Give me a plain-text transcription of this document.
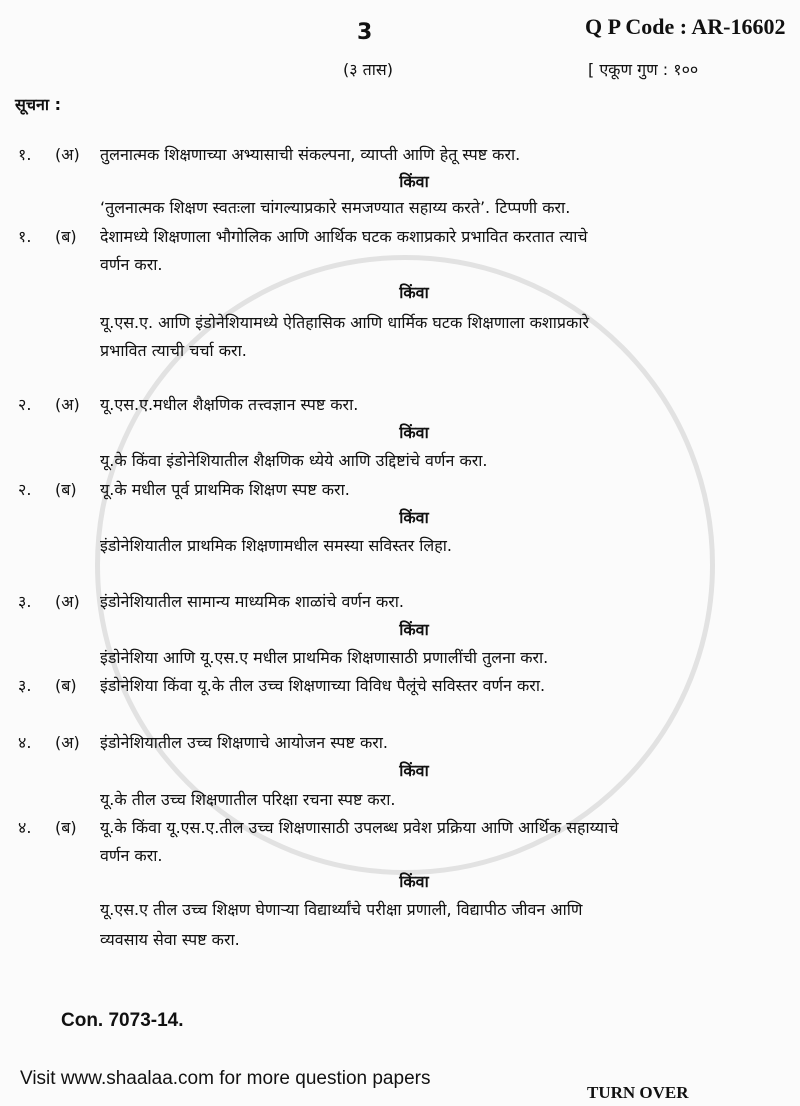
3	Q P Code : AR-16602
(३ तास)	[ एकूण गुण : १००
सूचना :
१. (अ) तुलनात्मक शिक्षणाच्या अभ्यासाची संकल्पना, व्याप्ती आणि हेतू स्पष्ट करा.
किंवा
‘तुलनात्मक शिक्षण स्वतःला चांगल्याप्रकारे समजण्यात सहाय्य करते’. टिप्पणी करा.
१. (ब) देशामध्ये शिक्षणाला भौगोलिक आणि आर्थिक घटक कशाप्रकारे प्रभावित करतात त्याचे
वर्णन करा.
किंवा
यू.एस.ए. आणि इंडोनेशियामध्ये ऐतिहासिक आणि धार्मिक घटक शिक्षणाला कशाप्रकारे
प्रभावित त्याची चर्चा करा.
२. (अ) यू.एस.ए.मधील शैक्षणिक तत्त्वज्ञान स्पष्ट करा.
किंवा
यू.के किंवा इंडोनेशियातील शैक्षणिक ध्येये आणि उद्दिष्टांचे वर्णन करा.
२. (ब) यू.के मधील पूर्व प्राथमिक शिक्षण स्पष्ट करा.
किंवा
इंडोनेशियातील प्राथमिक शिक्षणामधील समस्या सविस्तर लिहा.
३. (अ) इंडोनेशियातील सामान्य माध्यमिक शाळांचे वर्णन करा.
किंवा
इंडोनेशिया आणि यू.एस.ए मधील प्राथमिक शिक्षणासाठी प्रणालींची तुलना करा.
३. (ब) इंडोनेशिया किंवा यू.के तील उच्च शिक्षणाच्या विविध पैलूंचे सविस्तर वर्णन करा.
४. (अ) इंडोनेशियातील उच्च शिक्षणाचे आयोजन स्पष्ट करा.
किंवा
यू.के तील उच्च शिक्षणातील परिक्षा रचना स्पष्ट करा.
४. (ब) यू.के किंवा यू.एस.ए.तील उच्च शिक्षणासाठी उपलब्ध प्रवेश प्रक्रिया आणि आर्थिक सहाय्याचे
वर्णन करा.
किंवा
यू.एस.ए तील उच्च शिक्षण घेणाऱ्या विद्यार्थ्यांचे परीक्षा प्रणाली, विद्यापीठ जीवन आणि
व्यवसाय सेवा स्पष्ट करा.
Con. 7073-14.
Visit www.shaalaa.com for more question papers
TURN OVER
